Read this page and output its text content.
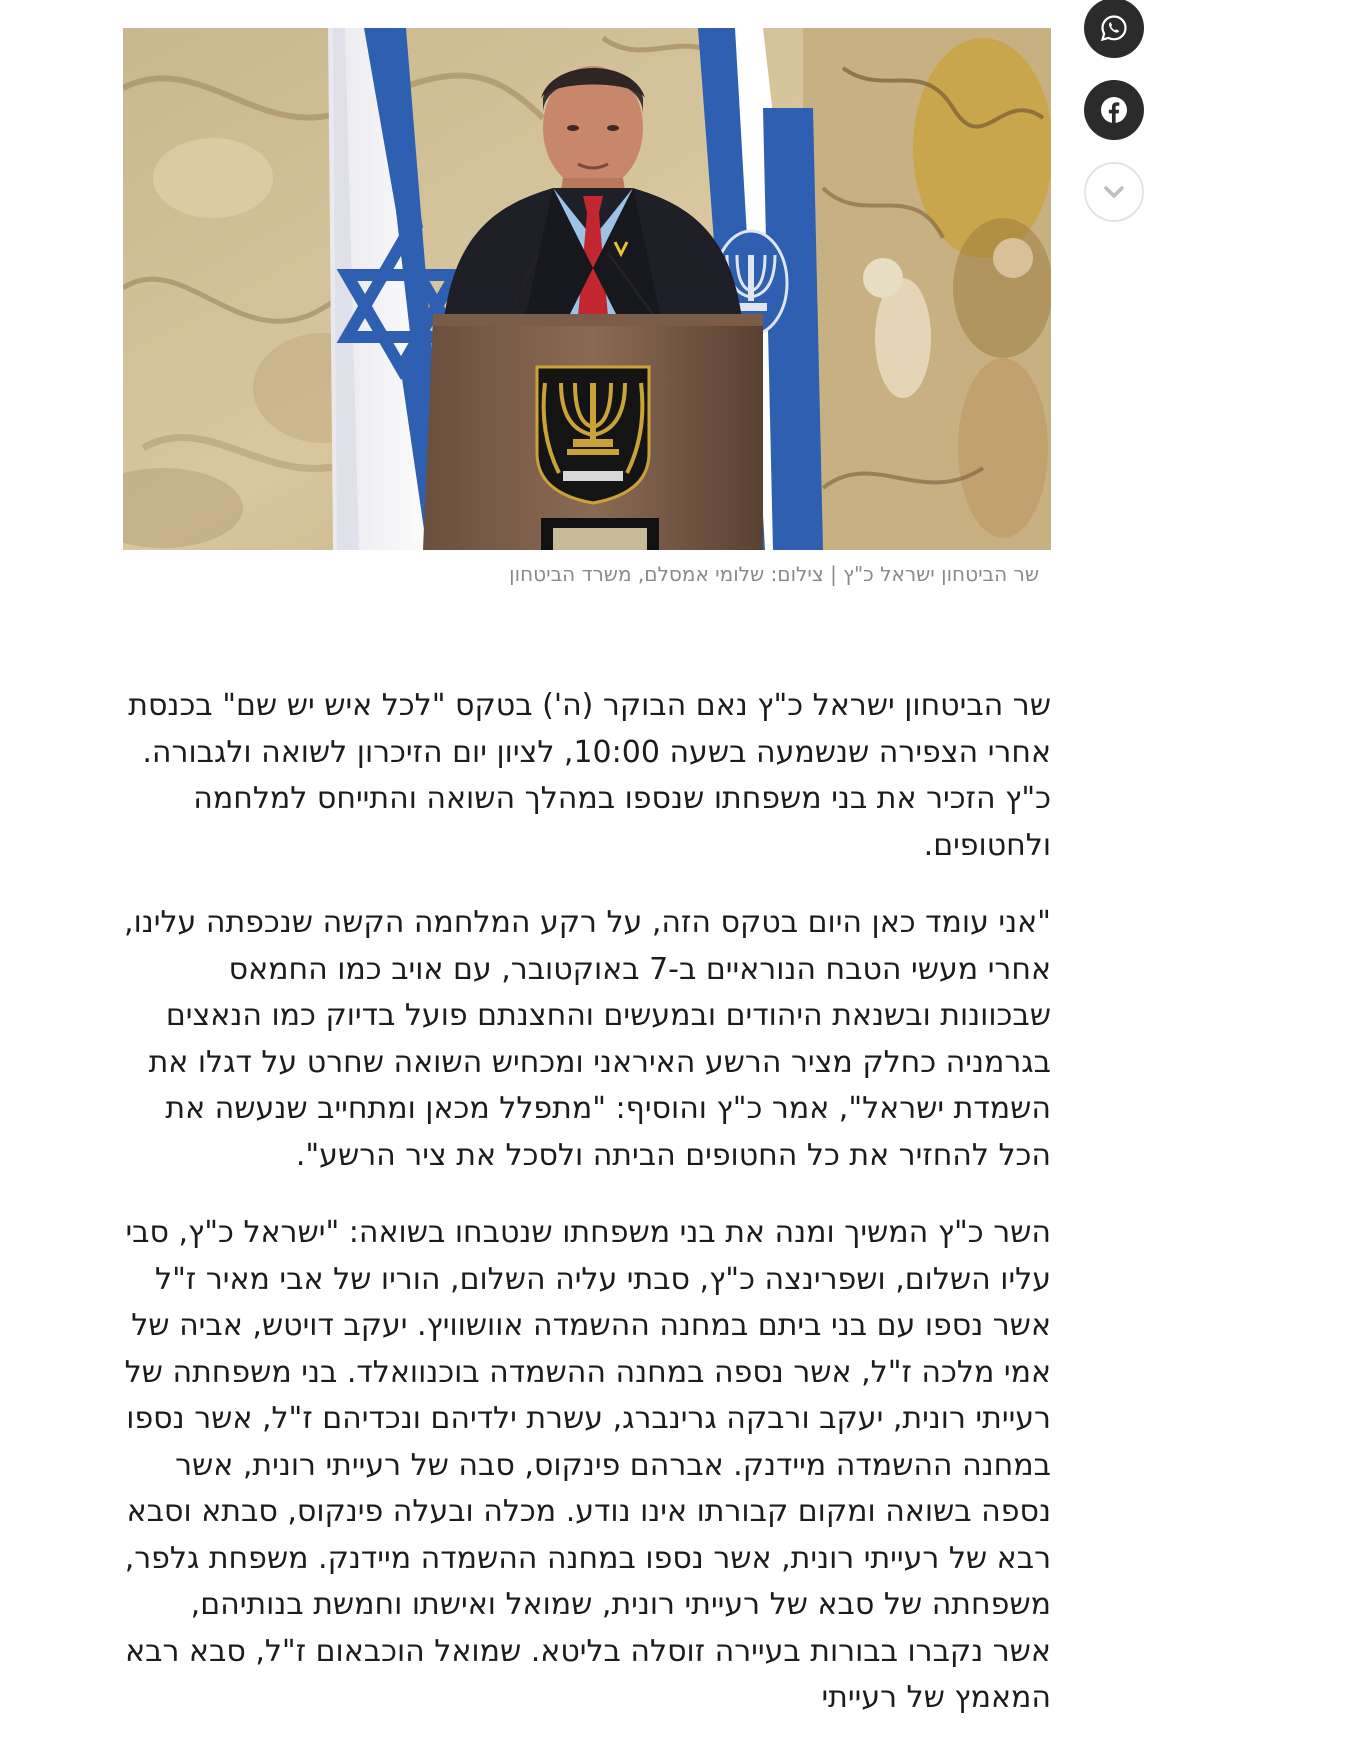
שר הביטחון ישראל כ"ץ | צילום: שלומי אמסלם, משרד הביטחון

שר הביטחון ישראל כ"ץ נאם הבוקר (ה') בטקס "לכל איש יש שם" בכנסת אחרי הצפירה שנשמעה בשעה 10:00, לציון יום הזיכרון לשואה ולגבורה. כ"ץ הזכיר את בני משפחתו שנספו במהלך השואה והתייחס למלחמה ולחטופים.

"אני עומד כאן היום בטקס הזה, על רקע המלחמה הקשה שנכפתה עלינו, אחרי מעשי הטבח הנוראיים ב-7 באוקטובר, עם אויב כמו החמאס שבכוונות ובשנאת היהודים ובמעשים והחצנתם פועל בדיוק כמו הנאצים בגרמניה כחלק מציר הרשע האיראני ומכחיש השואה שחרט על דגלו את השמדת ישראל", אמר כ"ץ והוסיף: "מתפלל מכאן ומתחייב שנעשה את הכל להחזיר את כל החטופים הביתה ולסכל את ציר הרשע".

השר כ"ץ המשיך ומנה את בני משפחתו שנטבחו בשואה: "ישראל כ"ץ, סבי עליו השלום, ושפרינצה כ"ץ, סבתי עליה השלום, הוריו של אבי מאיר ז"ל אשר נספו עם בני ביתם במחנה ההשמדה אוושוויץ. יעקב דויטש, אביה של אמי מלכה ז"ל, אשר נספה במחנה ההשמדה בוכנוואלד. בני משפחתה של רעייתי רונית, יעקב ורבקה גרינברג, עשרת ילדיהם ונכדיהם ז"ל, אשר נספו במחנה ההשמדה מיידנק. אברהם פינקוס, סבה של רעייתי רונית, אשר נספה בשואה ומקום קבורתו אינו נודע. מכלה ובעלה פינקוס, סבתא וסבא רבא של רעייתי רונית, אשר נספו במחנה ההשמדה מיידנק. משפחת גלפר, משפחתה של סבא של רעייתי רונית, שמואל ואישתו וחמשת בנותיהם, אשר נקברו בבורות בעיירה זוסלה בליטא. שמואל הוכבאום ז"ל, סבא רבא המאמץ של רעייתי
